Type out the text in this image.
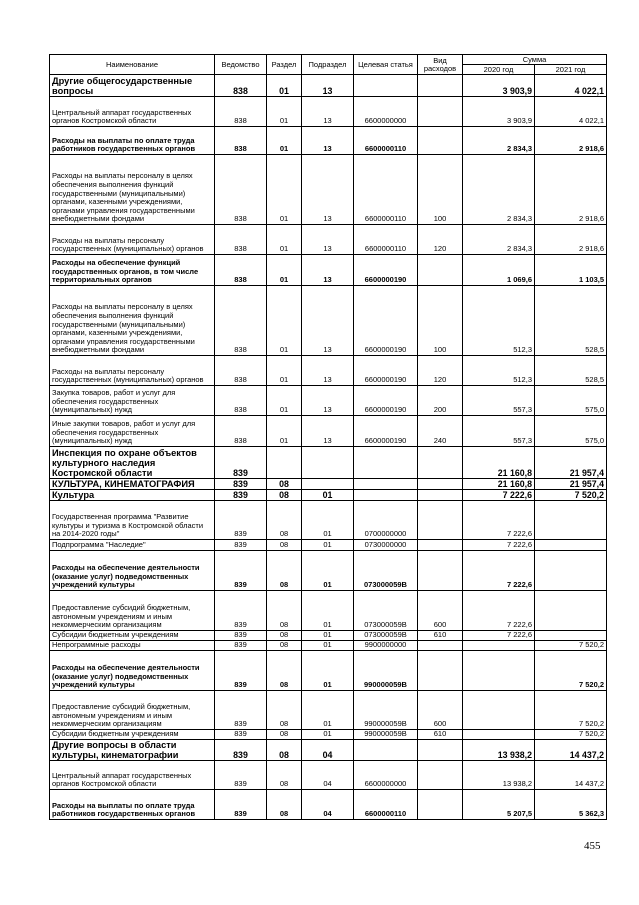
Наименование	Ведомство	Раздел	Подраздел	Целевая статья	Вид расходов	Сумма	
						2020 год	2021 год
Другие общегосударственные вопросы	838	01	13			3 903,9	4 022,1
Центральный аппарат государственных органов Костромской области	838	01	13	6600000000		3 903,9	4 022,1
Расходы на выплаты по оплате труда работников государственных органов	838	01	13	6600000110		2 834,3	2 918,6
Расходы на выплаты персоналу в целях обеспечения выполнения функций государственными (муниципальными) органами, казенными учреждениями, органами управления государственными внебюджетными фондами	838	01	13	6600000110	100	2 834,3	2 918,6
Расходы на выплаты персоналу государственных (муниципальных) органов	838	01	13	6600000110	120	2 834,3	2 918,6
Расходы на обеспечение функций государственных органов, в том числе территориальных органов	838	01	13	6600000190		1 069,6	1 103,5
Расходы на выплаты персоналу в целях обеспечения выполнения функций государственными (муниципальными) органами, казенными учреждениями, органами управления государственными внебюджетными фондами	838	01	13	6600000190	100	512,3	528,5
Расходы на выплаты персоналу государственных (муниципальных) органов	838	01	13	6600000190	120	512,3	528,5
Закупка товаров, работ и услуг для обеспечения государственных (муниципальных) нужд	838	01	13	6600000190	200	557,3	575,0
Иные закупки товаров, работ и услуг для обеспечения государственных (муниципальных) нужд	838	01	13	6600000190	240	557,3	575,0
Инспекция по охране объектов культурного наследия Костромской области	839					21 160,8	21 957,4
КУЛЬТУРА, КИНЕМАТОГРАФИЯ	839	08				21 160,8	21 957,4
Культура	839	08	01			7 222,6	7 520,2
Государственная программа "Развитие культуры и туризма в Костромской области на 2014-2020 годы"	839	08	01	0700000000		7 222,6	
Подпрограмма "Наследие"	839	08	01	0730000000		7 222,6	
Расходы на обеспечение деятельности (оказание услуг) подведомственных учреждений культуры	839	08	01	073000059В		7 222,6	
Предоставление субсидий бюджетным, автономным учреждениям и иным некоммерческим организациям	839	08	01	073000059В	600	7 222,6	
Субсидии бюджетным учреждениям	839	08	01	073000059В	610	7 222,6	
Непрограммные расходы	839	08	01	9900000000			7 520,2
Расходы на обеспечение деятельности (оказание услуг) подведомственных учреждений культуры	839	08	01	990000059В			7 520,2
Предоставление субсидий бюджетным, автономным учреждениям и иным некоммерческим организациям	839	08	01	990000059В	600		7 520,2
Субсидии бюджетным учреждениям	839	08	01	990000059В	610		7 520,2
Другие вопросы в области культуры, кинематографии	839	08	04			13 938,2	14 437,2
Центральный аппарат государственных органов Костромской области	839	08	04	6600000000		13 938,2	14 437,2
Расходы на выплаты по оплате труда работников государственных органов	839	08	04	6600000110		5 207,5	5 362,3
455
